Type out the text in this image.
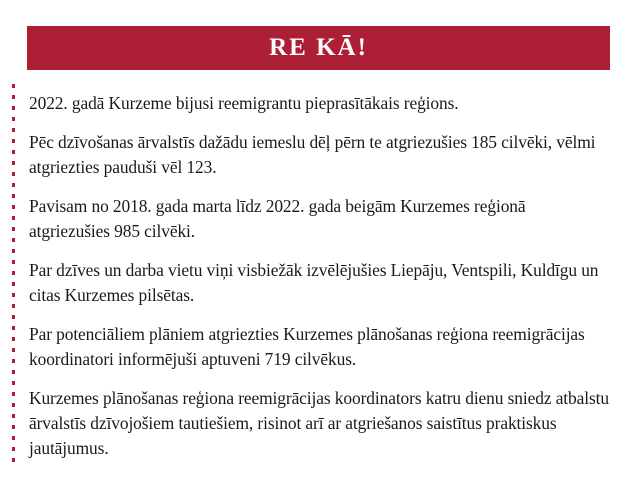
RE KĀ!

2022. gadā Kurzeme bijusi reemigrantu pieprasītākais reģions.

Pēc dzīvošanas ārvalstīs dažādu iemeslu dēļ pērn te atgriezušies 185 cilvēki, vēlmi atgriezties pauduši vēl 123.

Pavisam no 2018. gada marta līdz 2022. gada beigām Kurzemes reģionā atgriezušies 985 cilvēki.

Par dzīves un darba vietu viņi visbiežāk izvēlējušies Liepāju, Ventspili, Kuldīgu un citas Kurzemes pilsētas.

Par potenciāliem plāniem atgriezties Kurzemes plānošanas reģiona reemigrācijas koordinatori informējuši aptuveni 719 cilvēkus.

Kurzemes plānošanas reģiona reemigrācijas koordinators katru dienu sniedz atbalstu ārvalstīs dzīvojošiem tautiešiem, risinot arī ar atgriešanos saistītus praktiskus jautājumus.
